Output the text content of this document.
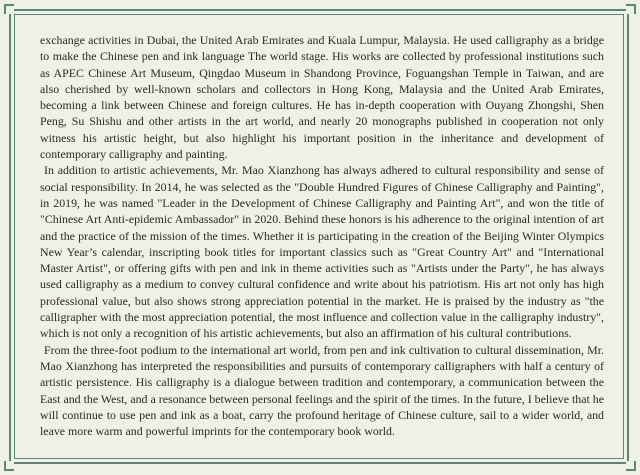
exchange activities in Dubai, the United Arab Emirates and Kuala Lumpur, Malaysia. He used calligraphy as a bridge to make the Chinese pen and ink language The world stage. His works are collected by professional institutions such as APEC Chinese Art Museum, Qingdao Museum in Shandong Province, Foguangshan Temple in Taiwan, and are also cherished by well-known scholars and collectors in Hong Kong, Malaysia and the United Arab Emirates, becoming a link between Chinese and foreign cultures. He has in-depth cooperation with Ouyang Zhongshi, Shen Peng, Su Shishu and other artists in the art world, and nearly 20 monographs published in cooperation not only witness his artistic height, but also highlight his important position in the inheritance and development of contemporary calligraphy and painting.

In addition to artistic achievements, Mr. Mao Xianzhong has always adhered to cultural responsibility and sense of social responsibility. In 2014, he was selected as the "Double Hundred Figures of Chinese Calligraphy and Painting", in 2019, he was named "Leader in the Development of Chinese Calligraphy and Painting Art", and won the title of "Chinese Art Anti-epidemic Ambassador" in 2020. Behind these honors is his adherence to the original intention of art and the practice of the mission of the times. Whether it is participating in the creation of the Beijing Winter Olympics New Year’s calendar, inscripting book titles for important classics such as "Great Country Art" and "International Master Artist", or offering gifts with pen and ink in theme activities such as "Artists under the Party", he has always used calligraphy as a medium to convey cultural confidence and write about his patriotism. His art not only has high professional value, but also shows strong appreciation potential in the market. He is praised by the industry as "the calligrapher with the most appreciation potential, the most influence and collection value in the calligraphy industry", which is not only a recognition of his artistic achievements, but also an affirmation of his cultural contributions.

From the three-foot podium to the international art world, from pen and ink cultivation to cultural dissemination, Mr. Mao Xianzhong has interpreted the responsibilities and pursuits of contemporary calligraphers with half a century of artistic persistence. His calligraphy is a dialogue between tradition and contemporary, a communication between the East and the West, and a resonance between personal feelings and the spirit of the times. In the future, I believe that he will continue to use pen and ink as a boat, carry the profound heritage of Chinese culture, sail to a wider world, and leave more warm and powerful imprints for the contemporary book world.
